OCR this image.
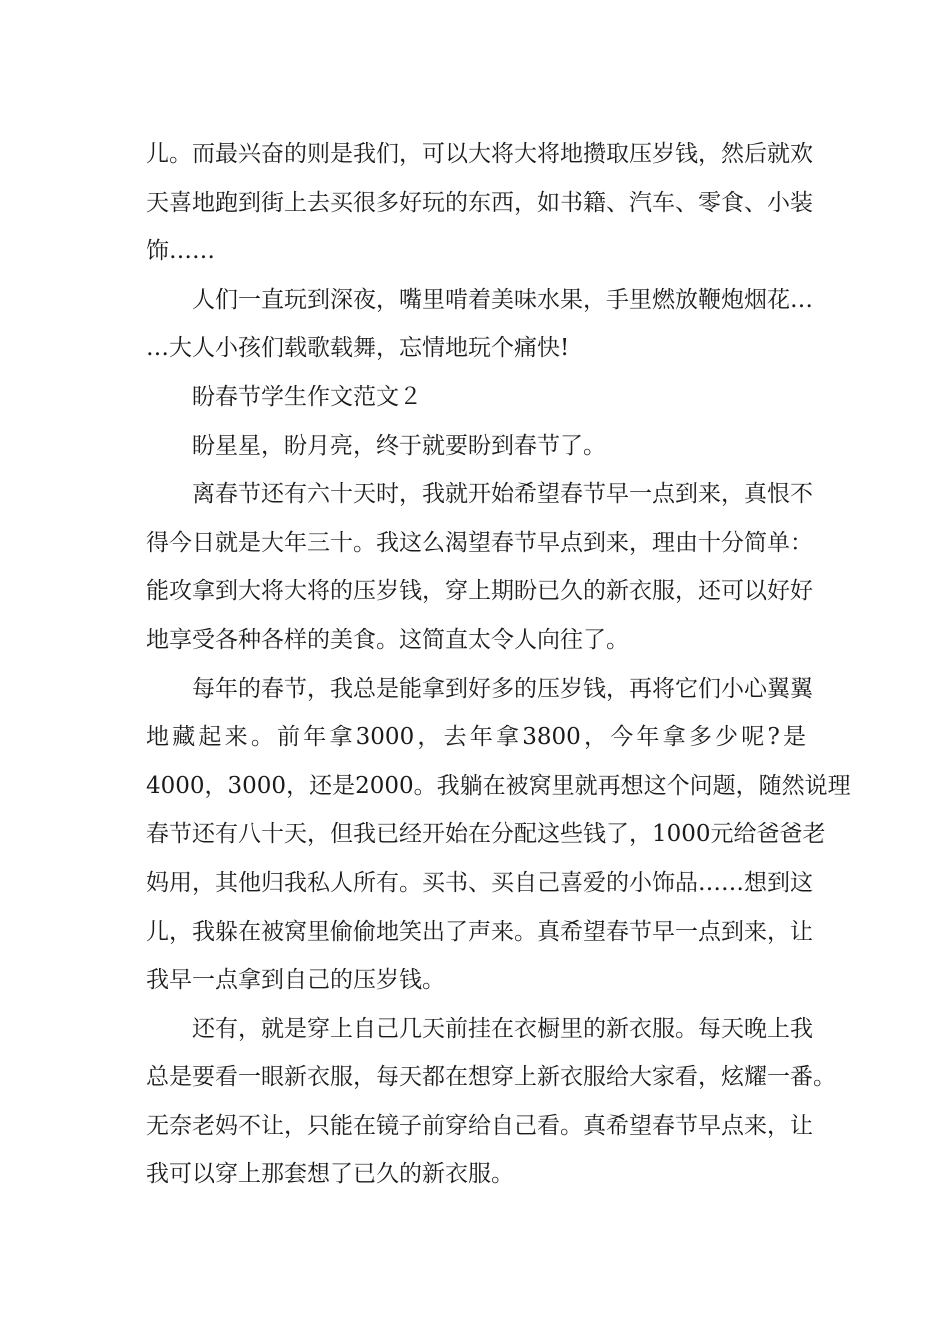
儿。而最兴奋的则是我们，可以大将大将地攒取压岁钱，然后就欢
天喜地跑到街上去买很多好玩的东西，如书籍、汽车、零食、小装
饰……
人们一直玩到深夜，嘴里啃着美味水果，手里燃放鞭炮烟花…
…大人小孩们载歌载舞，忘情地玩个痛快!
盼春节学生作文范文２
盼星星，盼月亮，终于就要盼到春节了。
离春节还有六十天时，我就开始希望春节早一点到来，真恨不
得今日就是大年三十。我这么渴望春节早点到来，理由十分简单：
能攻拿到大将大将的压岁钱，穿上期盼已久的新衣服，还可以好好
地享受各种各样的美食。这简直太令人向往了。
每年的春节，我总是能拿到好多的压岁钱，再将它们小心翼翼
地藏起来。前年拿3000，去年拿3800，今年拿多少呢?是
4000，3000，还是2000。我躺在被窝里就再想这个问题，随然说理
春节还有八十天，但我已经开始在分配这些钱了，1000元给爸爸老
妈用，其他归我私人所有。买书、买自己喜爱的小饰品……想到这
儿，我躲在被窝里偷偷地笑出了声来。真希望春节早一点到来，让
我早一点拿到自己的压岁钱。
还有，就是穿上自己几天前挂在衣橱里的新衣服。每天晚上我
总是要看一眼新衣服，每天都在想穿上新衣服给大家看，炫耀一番。
无奈老妈不让，只能在镜子前穿给自己看。真希望春节早点来，让
我可以穿上那套想了已久的新衣服。
